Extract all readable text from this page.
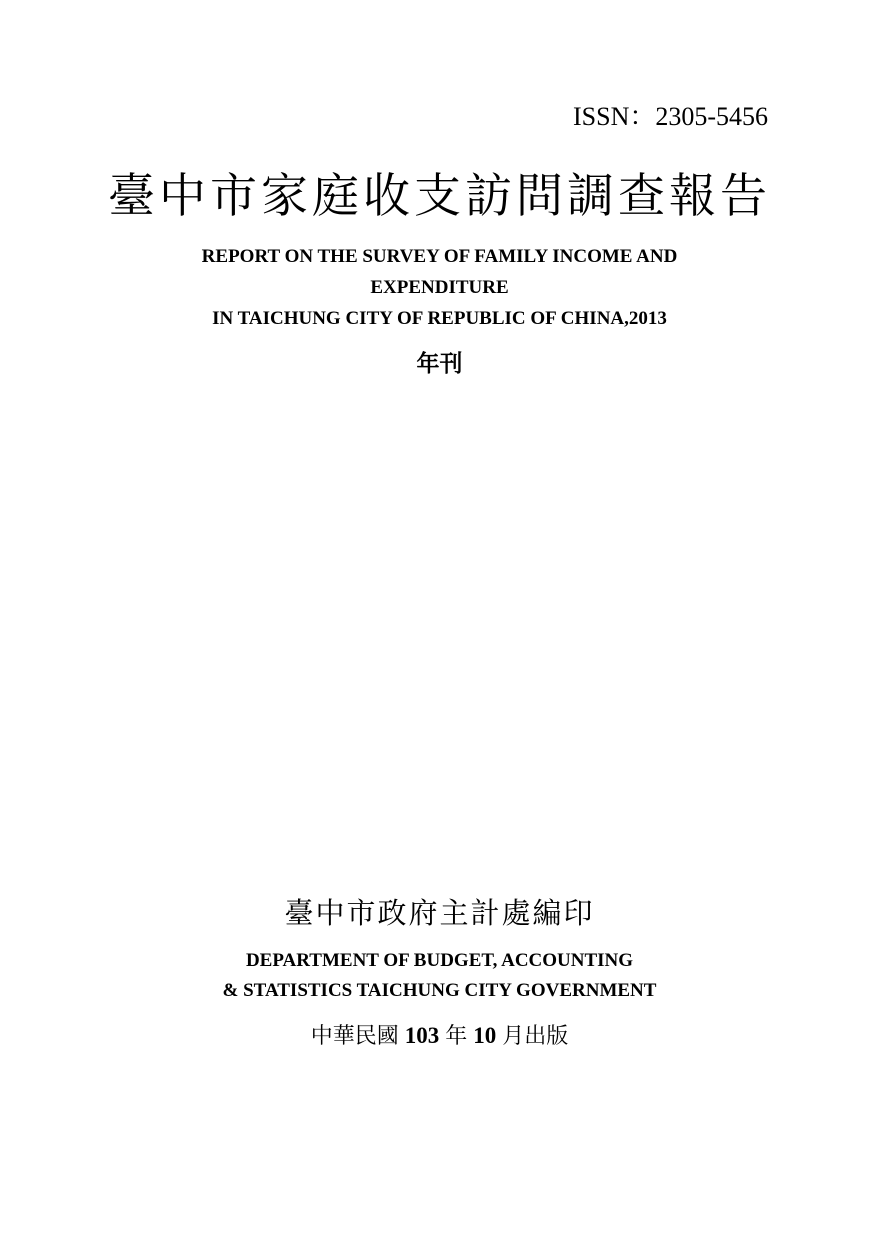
ISSN：2305-5456
臺中市家庭收支訪問調查報告
REPORT ON THE SURVEY OF FAMILY INCOME AND
EXPENDITURE
IN TAICHUNG CITY OF REPUBLIC OF CHINA,2013
年刊
臺中市政府主計處編印
DEPARTMENT OF BUDGET, ACCOUNTING
& STATISTICS TAICHUNG CITY GOVERNMENT
中華民國 103 年 10 月出版
